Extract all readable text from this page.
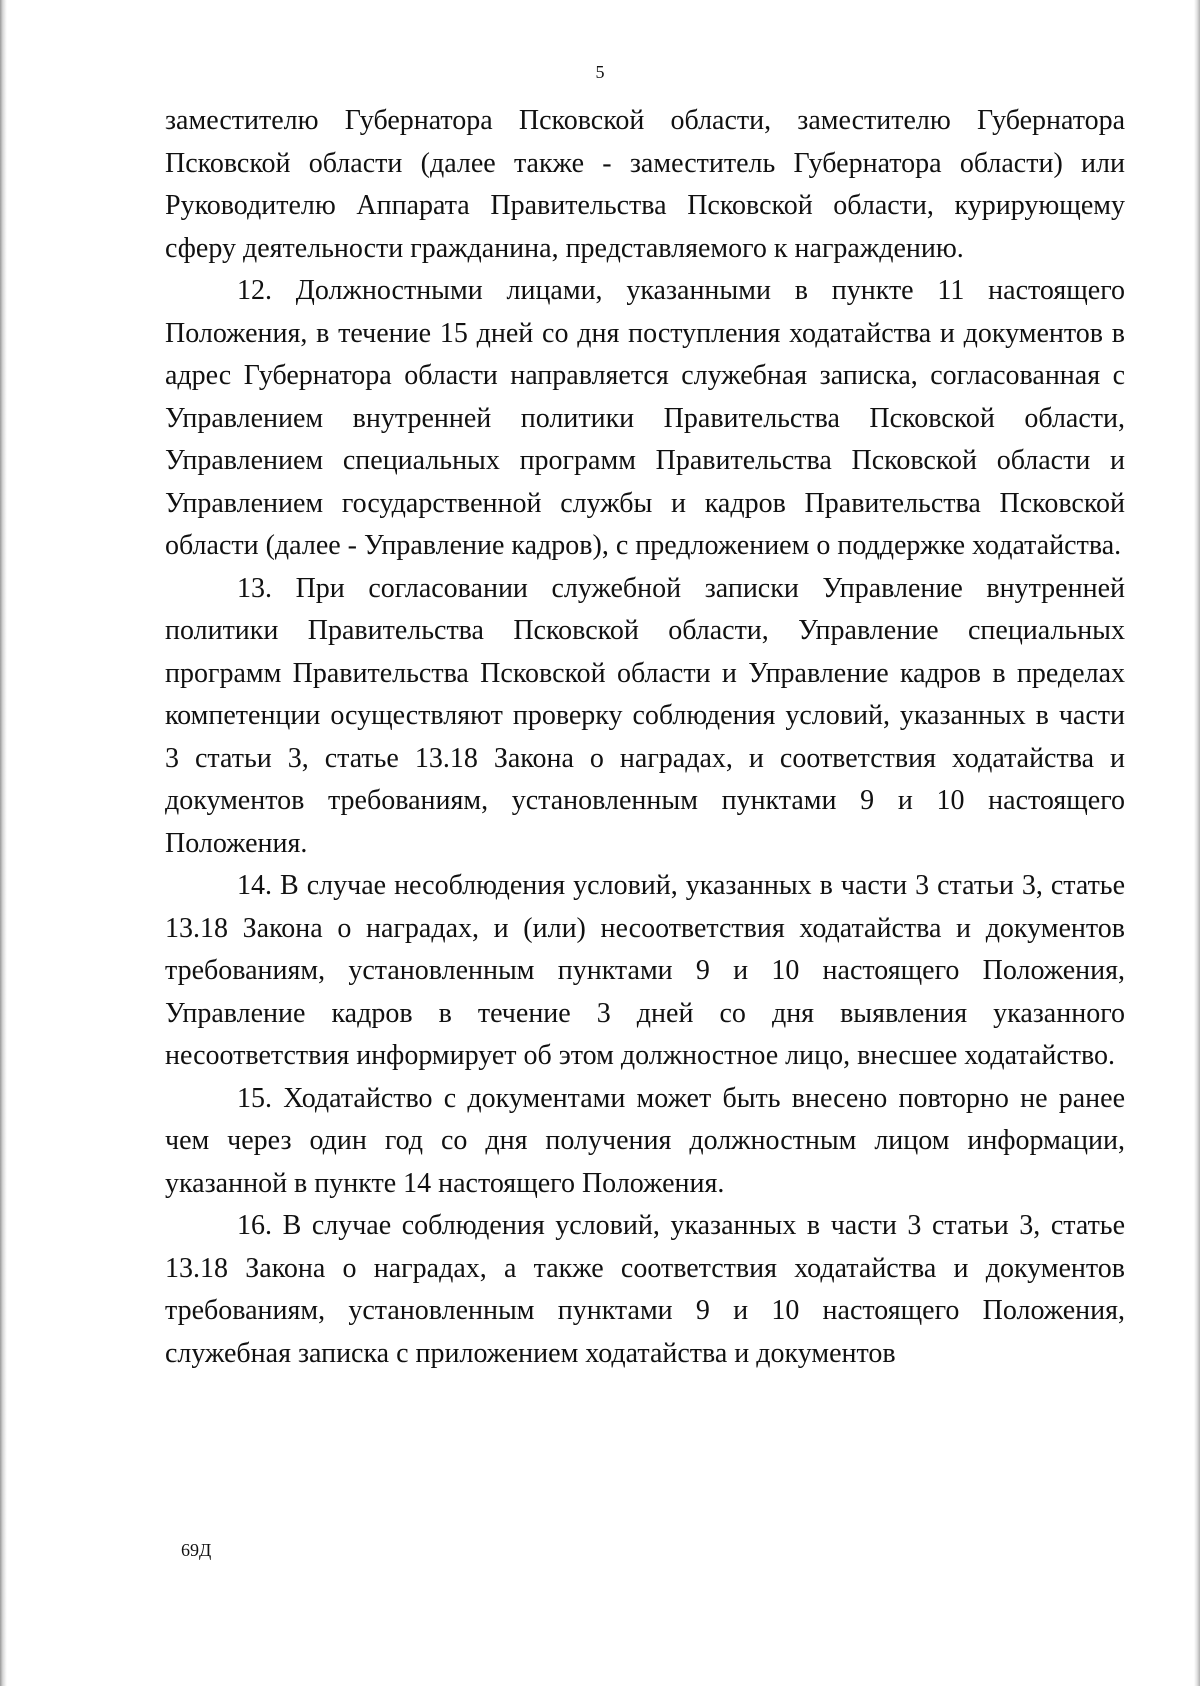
5

заместителю Губернатора Псковской области, заместителю Губернатора Псковской области (далее также - заместитель Губернатора области) или Руководителю Аппарата Правительства Псковской области, курирующему сферу деятельности гражданина, представляемого к награждению.

12. Должностными лицами, указанными в пункте 11 настоящего Положения, в течение 15 дней со дня поступления ходатайства и документов в адрес Губернатора области направляется служебная записка, согласованная с Управлением внутренней политики Правительства Псковской области, Управлением специальных программ Правительства Псковской области и Управлением государственной службы и кадров Правительства Псковской области (далее - Управление кадров), с предложением о поддержке ходатайства.

13. При согласовании служебной записки Управление внутренней политики Правительства Псковской области, Управление специальных программ Правительства Псковской области и Управление кадров в пределах компетенции осуществляют проверку соблюдения условий, указанных в части 3 статьи 3, статье 13.18 Закона о наградах, и соответствия ходатайства и документов требованиям, установленным пунктами 9 и 10 настоящего Положения.

14. В случае несоблюдения условий, указанных в части 3 статьи 3, статье 13.18 Закона о наградах, и (или) несоответствия ходатайства и документов требованиям, установленным пунктами 9 и 10 настоящего Положения, Управление кадров в течение 3 дней со дня выявления указанного несоответствия информирует об этом должностное лицо, внесшее ходатайство.

15. Ходатайство с документами может быть внесено повторно не ранее чем через один год со дня получения должностным лицом информации, указанной в пункте 14 настоящего Положения.

16. В случае соблюдения условий, указанных в части 3 статьи 3, статье 13.18 Закона о наградах, а также соответствия ходатайства и документов требованиям, установленным пунктами 9 и 10 настоящего Положения, служебная записка с приложением ходатайства и документов

69Д
